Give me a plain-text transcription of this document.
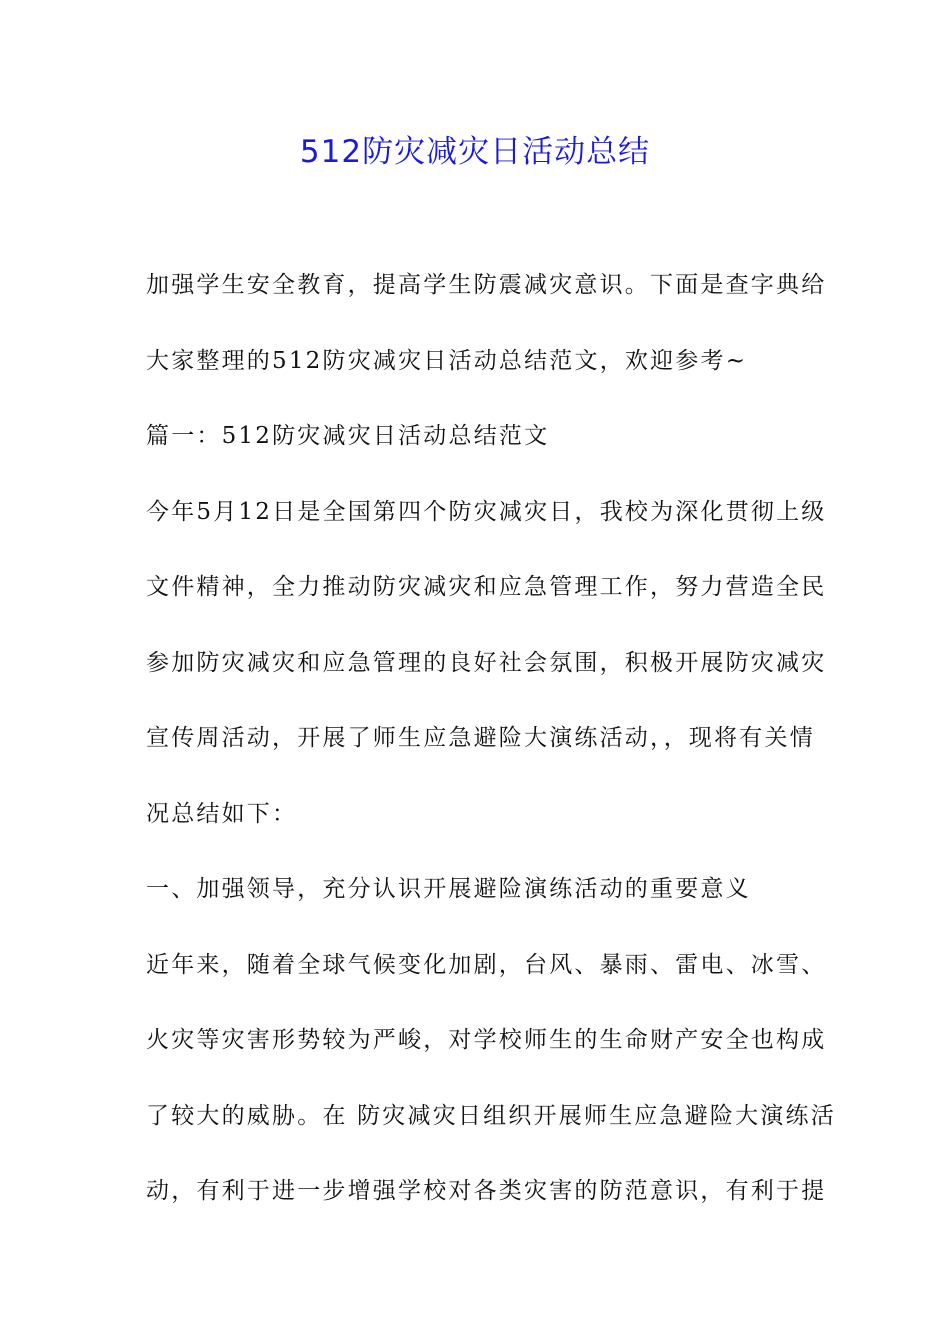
512防灾减灾日活动总结
加强学生安全教育，提高学生防震减灾意识。下面是查字典给
大家整理的512防灾减灾日活动总结范文，欢迎参考~
篇一：512防灾减灾日活动总结范文
今年5月12日是全国第四个防灾减灾日，我校为深化贯彻上级
文件精神，全力推动防灾减灾和应急管理工作，努力营造全民
参加防灾减灾和应急管理的良好社会氛围，积极开展防灾减灾
宣传周活动，开展了师生应急避险大演练活动，，现将有关情
况总结如下：
一、加强领导，充分认识开展避险演练活动的重要意义
近年来，随着全球气候变化加剧，台风、暴雨、雷电、冰雪、
火灾等灾害形势较为严峻，对学校师生的生命财产安全也构成
了较大的威胁。在 防灾减灾日组织开展师生应急避险大演练活
动，有利于进一步增强学校对各类灾害的防范意识，有利于提
